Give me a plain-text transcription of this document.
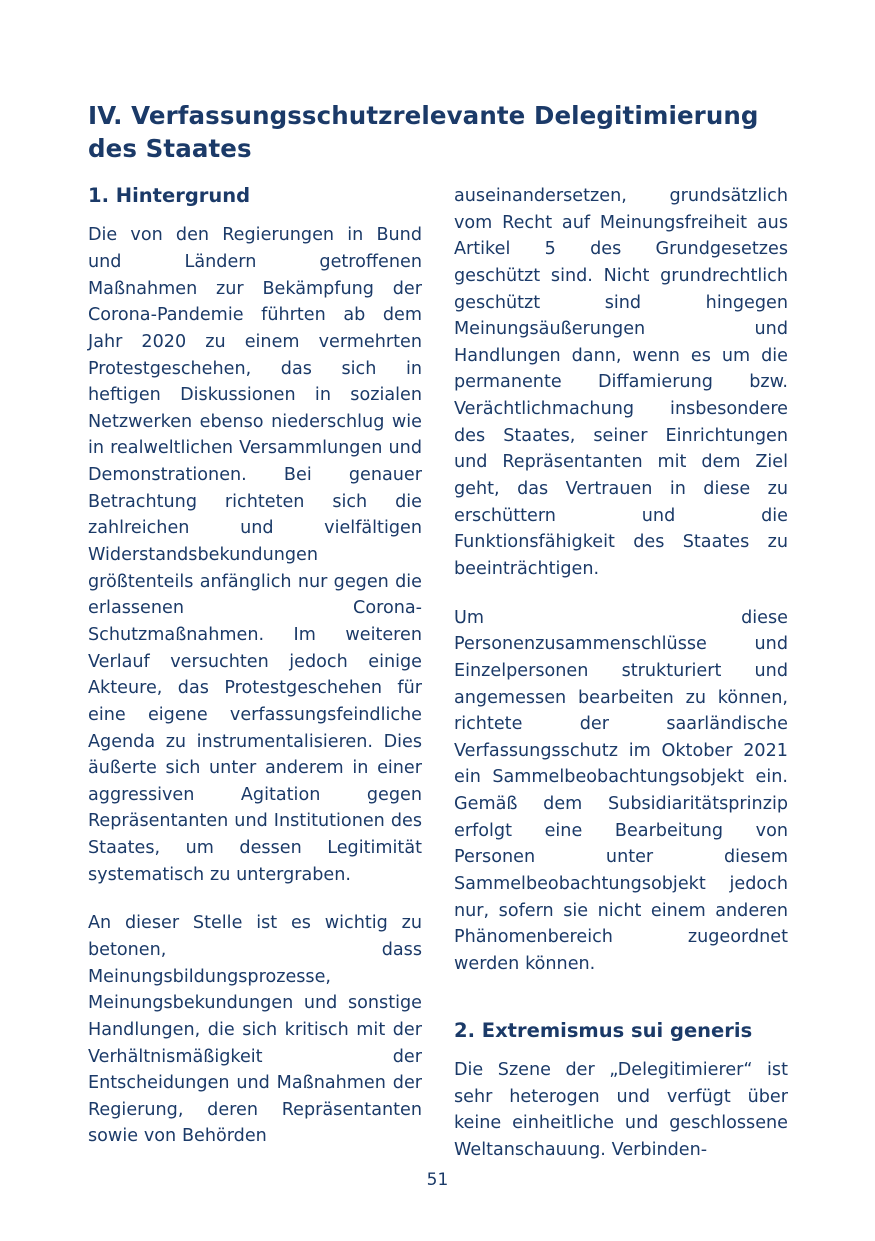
IV. Verfassungsschutzrelevante Delegitimierung
des Staates
1. Hintergrund

Die von den Regierungen in Bund und Ländern getroffenen Maßnahmen zur Bekämpfung der Corona-Pandemie führten ab dem Jahr 2020 zu einem vermehrten Protestgeschehen, das sich in heftigen Diskussionen in sozialen Netzwerken ebenso niederschlug wie in realweltlichen Versammlungen und Demonstrationen. Bei genauer Betrachtung richteten sich die zahlreichen und vielfältigen Widerstandsbekundungen größtenteils anfänglich nur gegen die erlassenen Corona-Schutzmaßnahmen. Im weiteren Verlauf versuchten jedoch einige Akteure, das Protestgeschehen für eine eigene verfassungsfeindliche Agenda zu instrumentalisieren. Dies äußerte sich unter anderem in einer aggressiven Agitation gegen Repräsentanten und Institutionen des Staates, um dessen Legitimität systematisch zu untergraben.

An dieser Stelle ist es wichtig zu betonen, dass Meinungsbildungsprozesse, Meinungsbekundungen und sonstige Handlungen, die sich kritisch mit der Verhältnismäßigkeit der Entscheidungen und Maßnahmen der Regierung, deren Repräsentanten sowie von Behörden

auseinandersetzen, grundsätzlich vom Recht auf Meinungsfreiheit aus Artikel 5 des Grundgesetzes geschützt sind. Nicht grundrechtlich geschützt sind hingegen Meinungsäußerungen und Handlungen dann, wenn es um die permanente Diffamierung bzw. Verächtlichmachung insbesondere des Staates, seiner Einrichtungen und Repräsentanten mit dem Ziel geht, das Vertrauen in diese zu erschüttern und die Funktionsfähigkeit des Staates zu beeinträchtigen.

Um diese Personenzusammenschlüsse und Einzelpersonen strukturiert und angemessen bearbeiten zu können, richtete der saarländische Verfassungsschutz im Oktober 2021 ein Sammelbeobachtungsobjekt ein. Gemäß dem Subsidiaritätsprinzip erfolgt eine Bearbeitung von Personen unter diesem Sammelbeobachtungsobjekt jedoch nur, sofern sie nicht einem anderen Phänomenbereich zugeordnet werden können.

2. Extremismus sui generis

Die Szene der „Delegitimierer“ ist sehr heterogen und verfügt über keine einheitliche und geschlossene Weltanschauung. Verbinden-

51
